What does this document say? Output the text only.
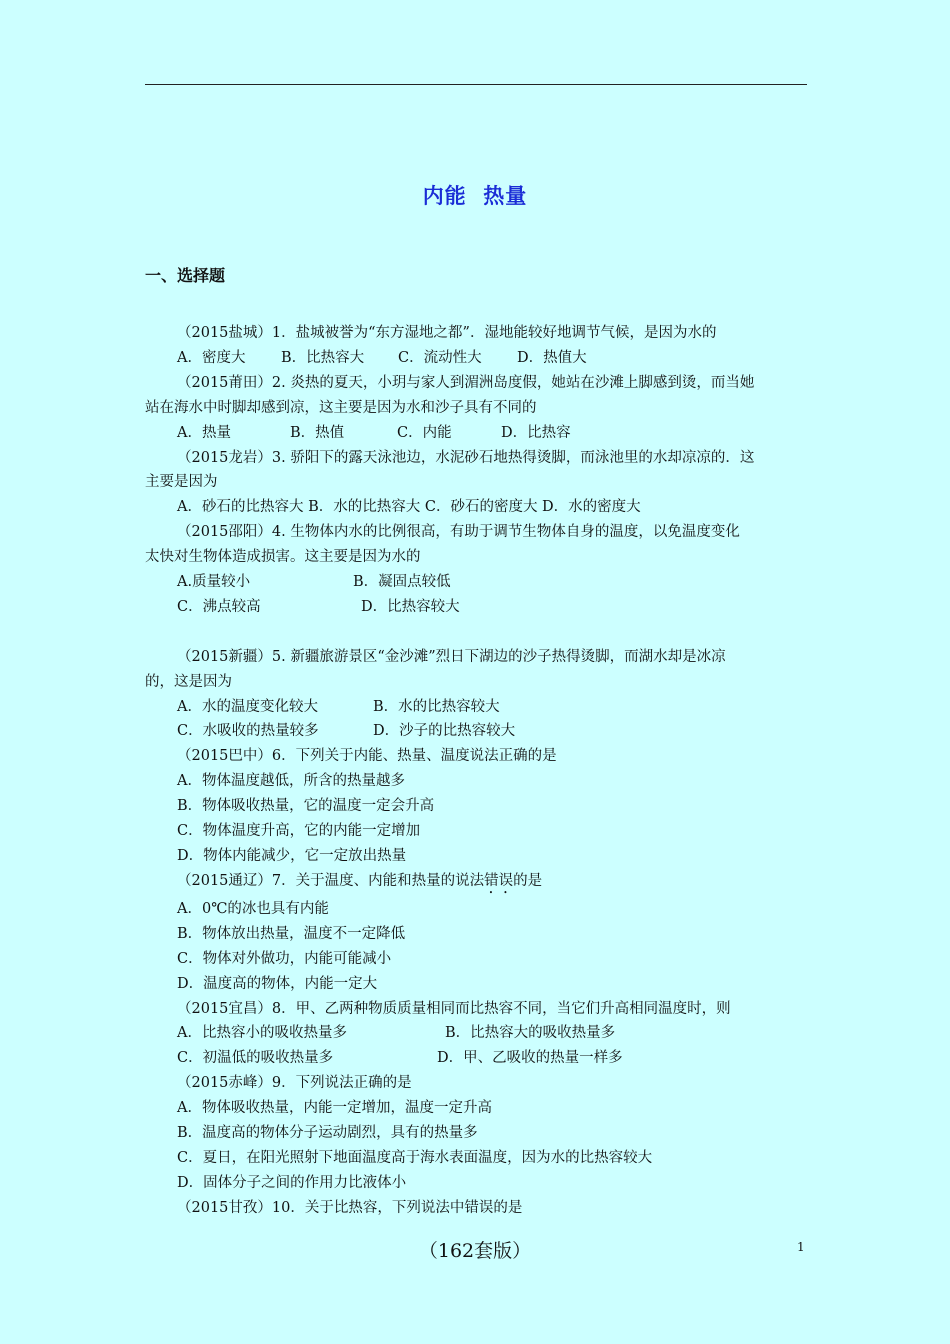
内能  热量
一、选择题

（2015盐城）1．盐城被誉为“东方湿地之都”．湿地能较好地调节气候，是因为水的

A．密度大	B．比热容大	C．流动性大	D．热值大

（2015莆田）2. 炎热的夏天，小玥与家人到湄洲岛度假，她站在沙滩上脚感到烫，而当她

站在海水中时脚却感到凉，这主要是因为水和沙子具有不同的

A．热量	B．热值	C．内能	D．比热容

（2015龙岩）3. 骄阳下的露天泳池边，水泥砂石地热得烫脚，而泳池里的水却凉凉的．这

主要是因为

A．砂石的比热容大 B．水的比热容大 C．砂石的密度大 D．水的密度大

（2015邵阳）4. 生物体内水的比例很高，有助于调节生物体自身的温度，以免温度变化

太快对生物体造成损害。这主要是因为水的

A.质量较小	B．凝固点较低
C．沸点较高	D．比热容较大

（2015新疆）5. 新疆旅游景区“金沙滩”烈日下湖边的沙子热得烫脚，而湖水却是冰凉

的，这是因为

A．水的温度变化较大	B．水的比热容较大
C．水吸收的热量较多	D．沙子的比热容较大

（2015巴中）6．下列关于内能、热量、温度说法正确的是

A．物体温度越低，所含的热量越多

B．物体吸收热量，它的温度一定会升高

C．物体温度升高，它的内能一定增加

D．物体内能减少，它一定放出热量

（2015通辽）7．关于温度、内能和热量的说法错误的是

A．0℃的冰也具有内能

B．物体放出热量，温度不一定降低

C．物体对外做功，内能可能减小

D．温度高的物体，内能一定大

（2015宜昌）8．甲、乙两种物质质量相同而比热容不同，当它们升高相同温度时，则

A．比热容小的吸收热量多	B．比热容大的吸收热量多
C．初温低的吸收热量多	D．甲、乙吸收的热量一样多

（2015赤峰）9．下列说法正确的是

A．物体吸收热量，内能一定增加，温度一定升高

B．温度高的物体分子运动剧烈，具有的热量多

C．夏日，在阳光照射下地面温度高于海水表面温度，因为水的比热容较大

D．固体分子之间的作用力比液体小

（2015甘孜）10．关于比热容，下列说法中错误的是

（162套版）	1
